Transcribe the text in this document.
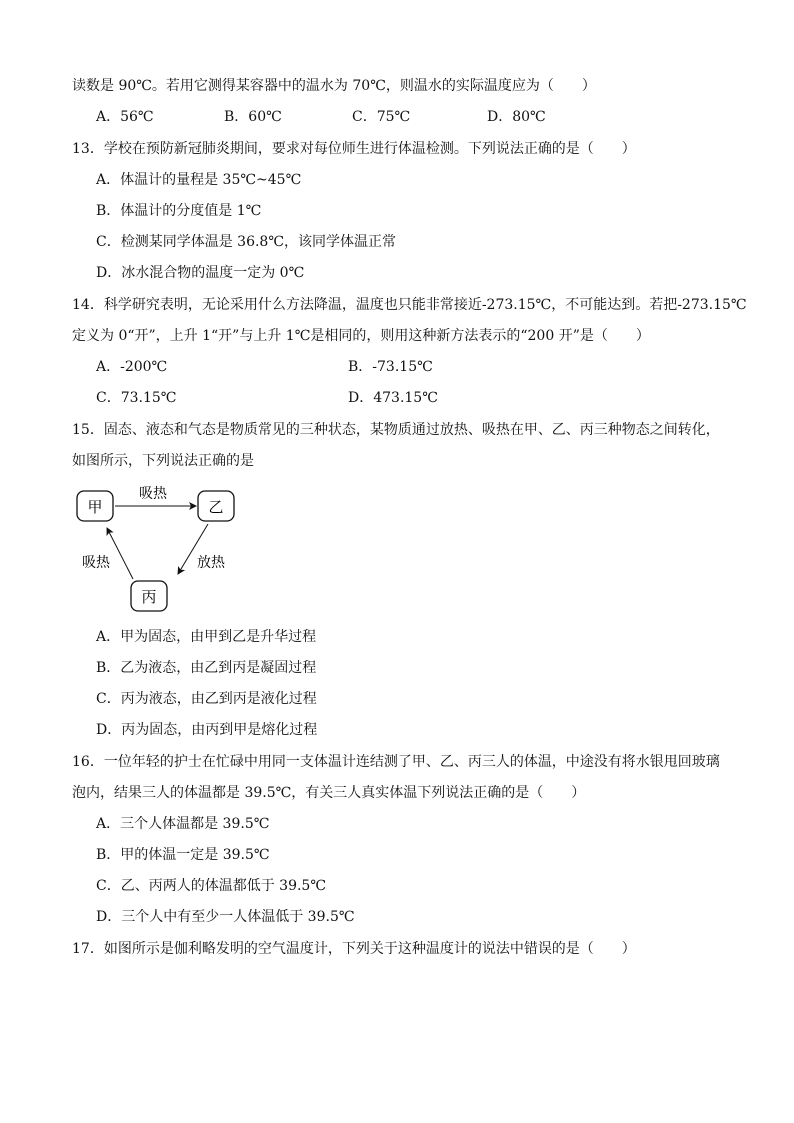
读数是 90℃。若用它测得某容器中的温水为 70℃，则温水的实际温度应为（　　）
A．56℃	B．60℃	C．75℃	D．80℃
13．学校在预防新冠肺炎期间，要求对每位师生进行体温检测。下列说法正确的是（　　）
A．体温计的量程是 35℃~45℃
B．体温计的分度值是 1℃
C．检测某同学体温是 36.8℃，该同学体温正常
D．冰水混合物的温度一定为 0℃
14．科学研究表明，无论采用什么方法降温，温度也只能非常接近-273.15℃，不可能达到。若把-273.15℃
定义为 0“开”，上升 1“开”与上升 1℃是相同的，则用这种新方法表示的“200 开”是（　　）
A．-200℃	B．-73.15℃
C．73.15℃	D．473.15℃
15．固态、液态和气态是物质常见的三种状态，某物质通过放热、吸热在甲、乙、丙三种物态之间转化，
如图所示，下列说法正确的是
甲	乙
丙
吸热
放热
吸热
A．甲为固态，由甲到乙是升华过程
B．乙为液态，由乙到丙是凝固过程
C．丙为液态，由乙到丙是液化过程
D．丙为固态，由丙到甲是熔化过程
16．一位年轻的护士在忙碌中用同一支体温计连结测了甲、乙、丙三人的体温，中途没有将水银甩回玻璃
泡内，结果三人的体温都是 39.5℃，有关三人真实体温下列说法正确的是（　　）
A．三个人体温都是 39.5℃
B．甲的体温一定是 39.5℃
C．乙、丙两人的体温都低于 39.5℃
D．三个人中有至少一人体温低于 39.5℃
17．如图所示是伽利略发明的空气温度计，下列关于这种温度计的说法中错误的是（　　）
